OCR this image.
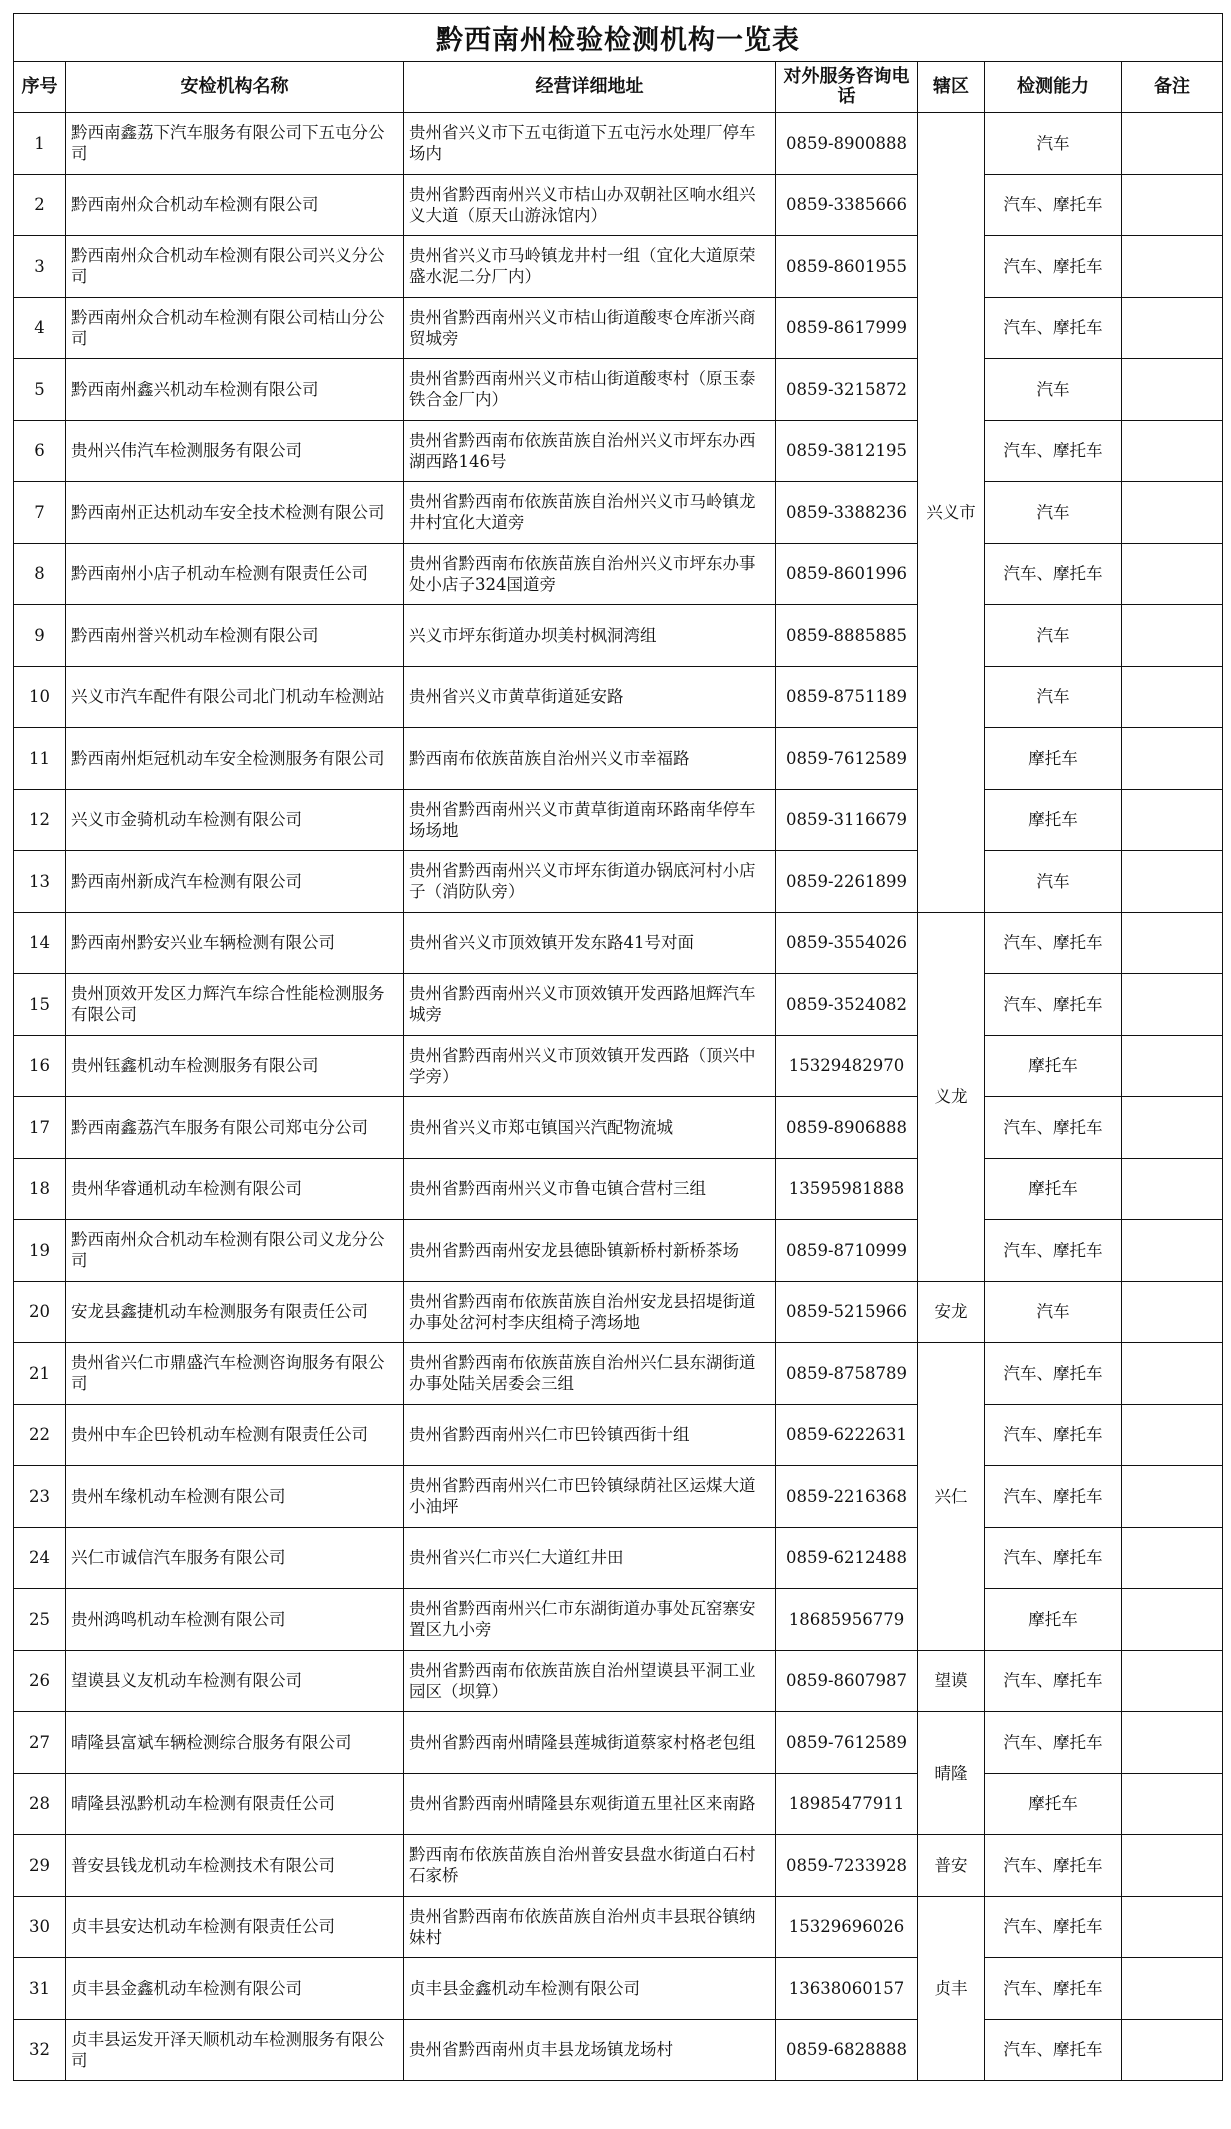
黔西南州检验检测机构一览表						
序号	安检机构名称	经营详细地址	对外服务咨询电话	辖区	检测能力	备注
1	黔西南鑫荔下汽车服务有限公司下五屯分公司	贵州省兴义市下五屯街道下五屯污水处理厂停车场内	0859-8900888	兴义市	汽车	
2	黔西南州众合机动车检测有限公司	贵州省黔西南州兴义市桔山办双朝社区响水组兴义大道（原天山游泳馆内）	0859-3385666		汽车、摩托车	
3	黔西南州众合机动车检测有限公司兴义分公司	贵州省兴义市马岭镇龙井村一组（宜化大道原荣盛水泥二分厂内）	0859-8601955		汽车、摩托车	
4	黔西南州众合机动车检测有限公司桔山分公司	贵州省黔西南州兴义市桔山街道酸枣仓库浙兴商贸城旁	0859-8617999		汽车、摩托车	
5	黔西南州鑫兴机动车检测有限公司	贵州省黔西南州兴义市桔山街道酸枣村（原玉泰铁合金厂内）	0859-3215872		汽车	
6	贵州兴伟汽车检测服务有限公司	贵州省黔西南布依族苗族自治州兴义市坪东办西湖西路146号	0859-3812195		汽车、摩托车	
7	黔西南州正达机动车安全技术检测有限公司	贵州省黔西南布依族苗族自治州兴义市马岭镇龙井村宜化大道旁	0859-3388236		汽车	
8	黔西南州小店子机动车检测有限责任公司	贵州省黔西南布依族苗族自治州兴义市坪东办事处小店子324国道旁	0859-8601996		汽车、摩托车	
9	黔西南州誉兴机动车检测有限公司	兴义市坪东街道办坝美村枫洞湾组	0859-8885885		汽车	
10	兴义市汽车配件有限公司北门机动车检测站	贵州省兴义市黄草街道延安路	0859-8751189		汽车	
11	黔西南州炬冠机动车安全检测服务有限公司	黔西南布依族苗族自治州兴义市幸福路	0859-7612589		摩托车	
12	兴义市金骑机动车检测有限公司	贵州省黔西南州兴义市黄草街道南环路南华停车场场地	0859-3116679		摩托车	
13	黔西南州新成汽车检测有限公司	贵州省黔西南州兴义市坪东街道办锅底河村小店子（消防队旁）	0859-2261899		汽车	
14	黔西南州黔安兴业车辆检测有限公司	贵州省兴义市顶效镇开发东路41号对面	0859-3554026	义龙	汽车、摩托车	
15	贵州顶效开发区力辉汽车综合性能检测服务有限公司	贵州省黔西南州兴义市顶效镇开发西路旭辉汽车城旁	0859-3524082		汽车、摩托车	
16	贵州钰鑫机动车检测服务有限公司	贵州省黔西南州兴义市顶效镇开发西路（顶兴中学旁）	15329482970		摩托车	
17	黔西南鑫荔汽车服务有限公司郑屯分公司	贵州省兴义市郑屯镇国兴汽配物流城	0859-8906888		汽车、摩托车	
18	贵州华睿通机动车检测有限公司	贵州省黔西南州兴义市鲁屯镇合营村三组	13595981888		摩托车	
19	黔西南州众合机动车检测有限公司义龙分公司	贵州省黔西南州安龙县德卧镇新桥村新桥茶场	0859-8710999		汽车、摩托车	
20	安龙县鑫捷机动车检测服务有限责任公司	贵州省黔西南布依族苗族自治州安龙县招堤街道办事处岔河村李庆组椅子湾场地	0859-5215966	安龙	汽车	
21	贵州省兴仁市鼎盛汽车检测咨询服务有限公司	贵州省黔西南布依族苗族自治州兴仁县东湖街道办事处陆关居委会三组	0859-8758789	兴仁	汽车、摩托车	
22	贵州中车企巴铃机动车检测有限责任公司	贵州省黔西南州兴仁市巴铃镇西街十组	0859-6222631		汽车、摩托车	
23	贵州车缘机动车检测有限公司	贵州省黔西南州兴仁市巴铃镇绿荫社区运煤大道小油坪	0859-2216368		汽车、摩托车	
24	兴仁市诚信汽车服务有限公司	贵州省兴仁市兴仁大道红井田	0859-6212488		汽车、摩托车	
25	贵州鸿鸣机动车检测有限公司	贵州省黔西南州兴仁市东湖街道办事处瓦窑寨安置区九小旁	18685956779		摩托车	
26	望谟县义友机动车检测有限公司	贵州省黔西南布依族苗族自治州望谟县平洞工业园区（坝算）	0859-8607987	望谟	汽车、摩托车	
27	晴隆县富斌车辆检测综合服务有限公司	贵州省黔西南州晴隆县莲城街道蔡家村格老包组	0859-7612589	晴隆	汽车、摩托车	
28	晴隆县泓黔机动车检测有限责任公司	贵州省黔西南州晴隆县东观街道五里社区来南路	18985477911		摩托车	
29	普安县钱龙机动车检测技术有限公司	黔西南布依族苗族自治州普安县盘水街道白石村石家桥	0859-7233928	普安	汽车、摩托车	
30	贞丰县安达机动车检测有限责任公司	贵州省黔西南布依族苗族自治州贞丰县珉谷镇纳妹村	15329696026	贞丰	汽车、摩托车	
31	贞丰县金鑫机动车检测有限公司	贞丰县金鑫机动车检测有限公司	13638060157		汽车、摩托车	
32	贞丰县运发开泽天顺机动车检测服务有限公司	贵州省黔西南州贞丰县龙场镇龙场村	0859-6828888		汽车、摩托车	
